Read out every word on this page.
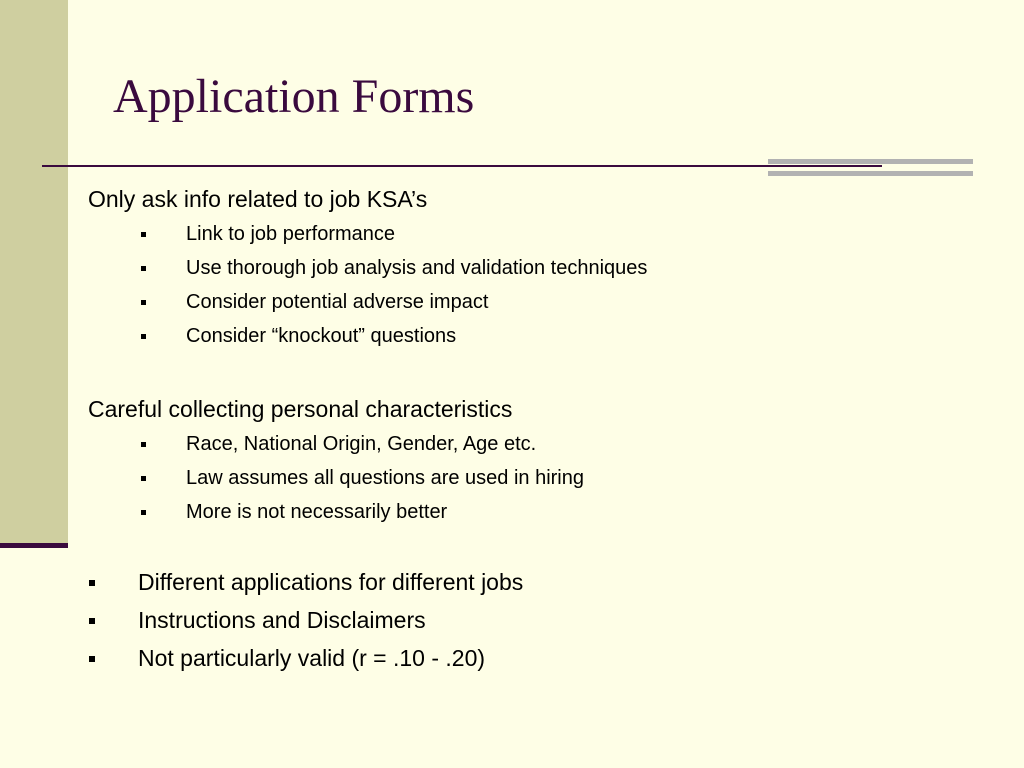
Application Forms
Only ask info related to job KSA’s
Link to job performance
Use thorough job analysis and validation techniques
Consider potential adverse impact
Consider “knockout” questions
Careful collecting personal characteristics
Race, National Origin, Gender, Age etc.
Law assumes all questions are used in hiring
More is not necessarily better
Different applications for different jobs
Instructions and Disclaimers
Not particularly valid (r = .10 - .20)
